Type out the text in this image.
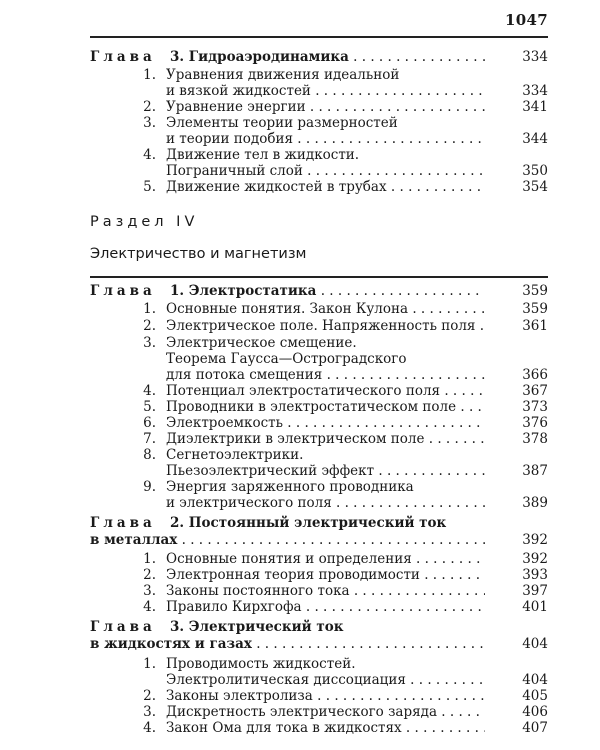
1047
Глава 3. Гидроаэродинамика . . .	334
1. Уравнения движения идеальной
и вязкой жидкостей . . .	334
2. Уравнение энергии . . .	341
3. Элементы теории размерностей
и теории подобия . . .	344
4. Движение тел в жидкости.
Пограничный слой . . .	350
5. Движение жидкостей в трубах . . .	354
Раздел IV
Электричество и магнетизм
Глава 1. Электростатика . . .	359
1. Основные понятия. Закон Кулона . . .	359
2. Электрическое поле. Напряженность поля . . .	361
3. Электрическое смещение.
Теорема Гаусса—Остроградского
для потока смещения . . .	366
4. Потенциал электростатического поля . . .	367
5. Проводники в электростатическом поле . . .	373
6. Электроемкость . . .	376
7. Диэлектрики в электрическом поле . . .	378
8. Сегнетоэлектрики.
Пьезоэлектрический эффект . . .	387
9. Энергия заряженного проводника
и электрического поля . . .	389
Глава 2. Постоянный электрический ток
в металлах . . .	392
1. Основные понятия и определения . . .	392
2. Электронная теория проводимости . . .	393
3. Законы постоянного тока . . .	397
4. Правило Кирхгофа . . .	401
Глава 3. Электрический ток
в жидкостях и газах . . .	404
1. Проводимость жидкостей.
Электролитическая диссоциация . . .	404
2. Законы электролиза . . .	405
3. Дискретность электрического заряда . . .	406
4. Закон Ома для тока в жидкостях . . .	407
